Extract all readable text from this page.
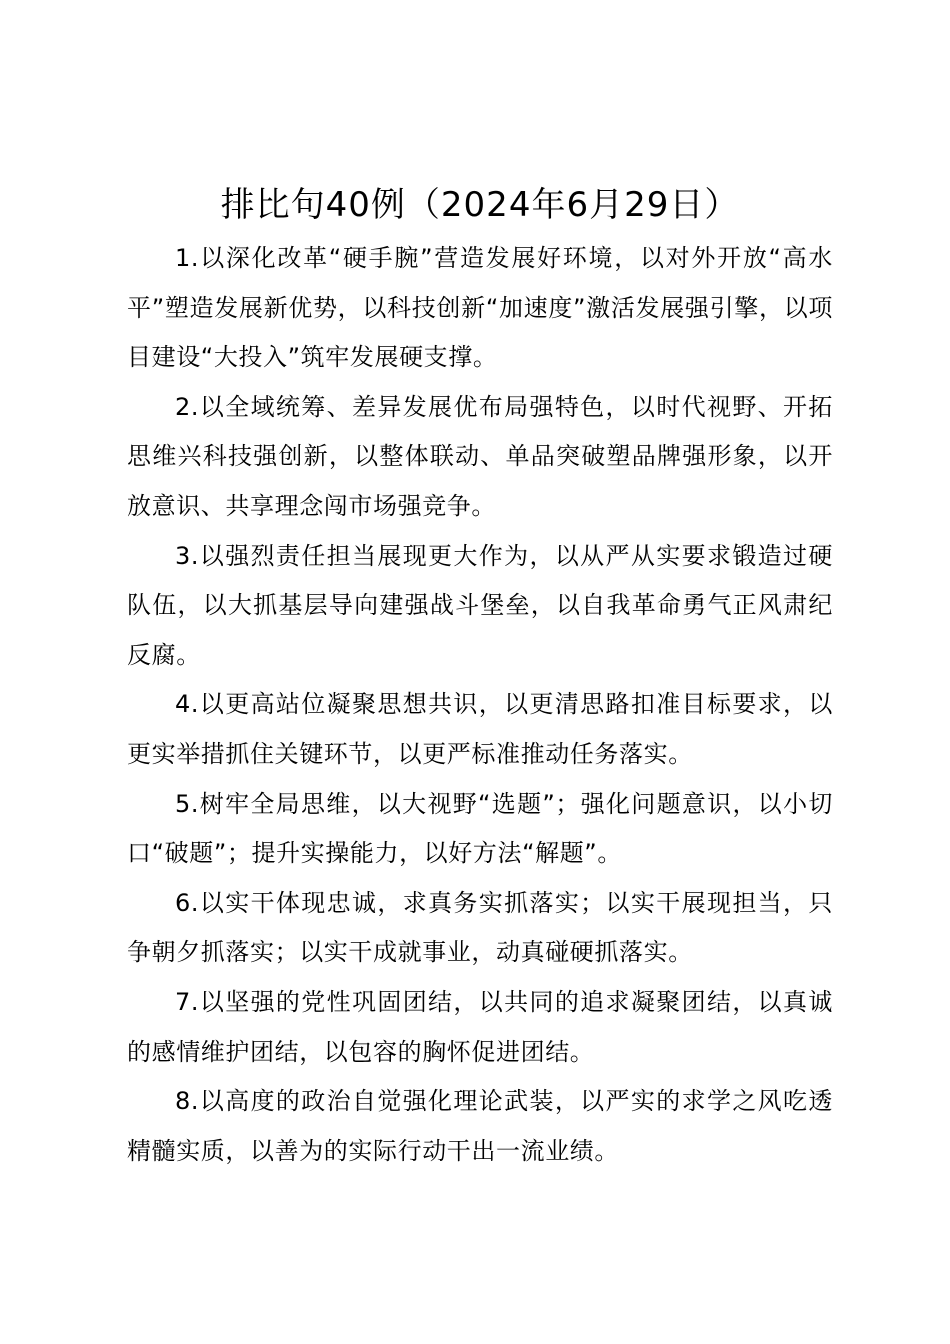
排比句40例（2024年6月29日）

1.以深化改革“硬手腕”营造发展好环境，以对外开放“高水平”塑造发展新优势，以科技创新“加速度”激活发展强引擎，以项目建设“大投入”筑牢发展硬支撑。

2.以全域统筹、差异发展优布局强特色，以时代视野、开拓思维兴科技强创新，以整体联动、单品突破塑品牌强形象，以开放意识、共享理念闯市场强竞争。

3.以强烈责任担当展现更大作为，以从严从实要求锻造过硬队伍，以大抓基层导向建强战斗堡垒，以自我革命勇气正风肃纪反腐。

4.以更高站位凝聚思想共识，以更清思路扣准目标要求，以更实举措抓住关键环节，以更严标准推动任务落实。

5.树牢全局思维，以大视野“选题”；强化问题意识，以小切口“破题”；提升实操能力，以好方法“解题”。

6.以实干体现忠诚，求真务实抓落实；以实干展现担当，只争朝夕抓落实；以实干成就事业，动真碰硬抓落实。

7.以坚强的党性巩固团结，以共同的追求凝聚团结，以真诚的感情维护团结，以包容的胸怀促进团结。

8.以高度的政治自觉强化理论武装，以严实的求学之风吃透精髓实质，以善为的实际行动干出一流业绩。
